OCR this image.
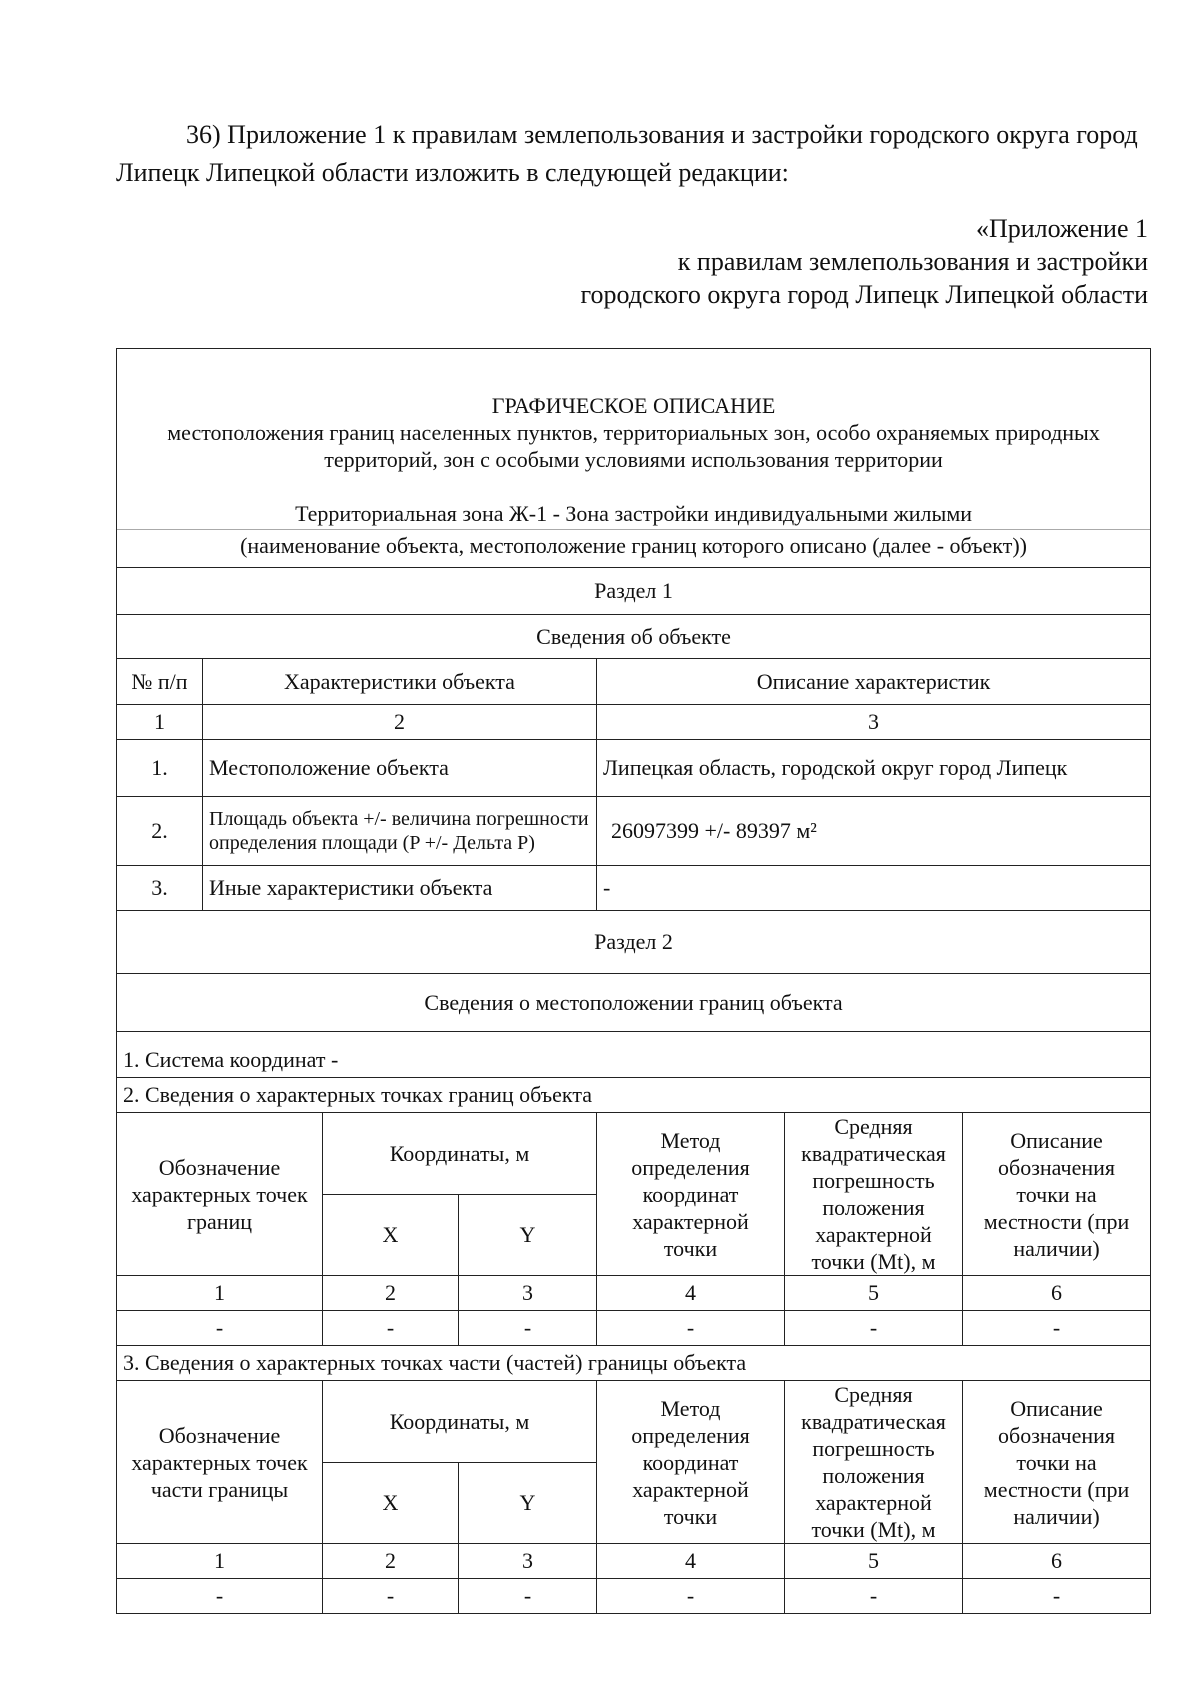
36) Приложение 1 к правилам землепользования и застройки городского округа город Липецк Липецкой области изложить в следующей редакции:

«Приложение 1
к правилам землепользования и застройки
городского округа город Липецк Липецкой области
ГРАФИЧЕСКОЕ ОПИСАНИЕ
местоположения границ населенных пунктов, территориальных зон, особо охраняемых природных территорий, зон с особыми условиями использования территории
Территориальная зона Ж-1 - Зона застройки индивидуальными жилыми
(наименование объекта, местоположение границ которого описано (далее - объект))						

Раздел 1						
Сведения об объекте						
№ п/п	Характеристики объекта			Описание характеристик		
1	2			3		
1.	Местоположение объекта			Липецкая область, городской округ город Липецк		
2.	Площадь объекта +/- величина погрешности определения площади (P +/- Дельта P)			26097399 +/- 89397 м²		
3.	Иные характеристики объекта			-		
Раздел 2						
Сведения о местоположении границ объекта						
1. Система координат -						
2. Сведения о характерных точках границ объекта						
Обозначение характерных точек границ		Координаты, м		Метод определения координат характерной точки	Средняя квадратическая погрешность положения характерной точки (Mt), м	Описание обозначения точки на местности (при наличии)
		X	Y			
1		2	3	4	5	6
-		-	-	-	-	-
3. Сведения о характерных точках части (частей) границы объекта						
Обозначение характерных точек части границы		Координаты, м		Метод определения координат характерной точки	Средняя квадратическая погрешность положения характерной точки (Mt), м	Описание обозначения точки на местности (при наличии)
		X	Y			
1		2	3	4	5	6
-		-	-	-	-	-
